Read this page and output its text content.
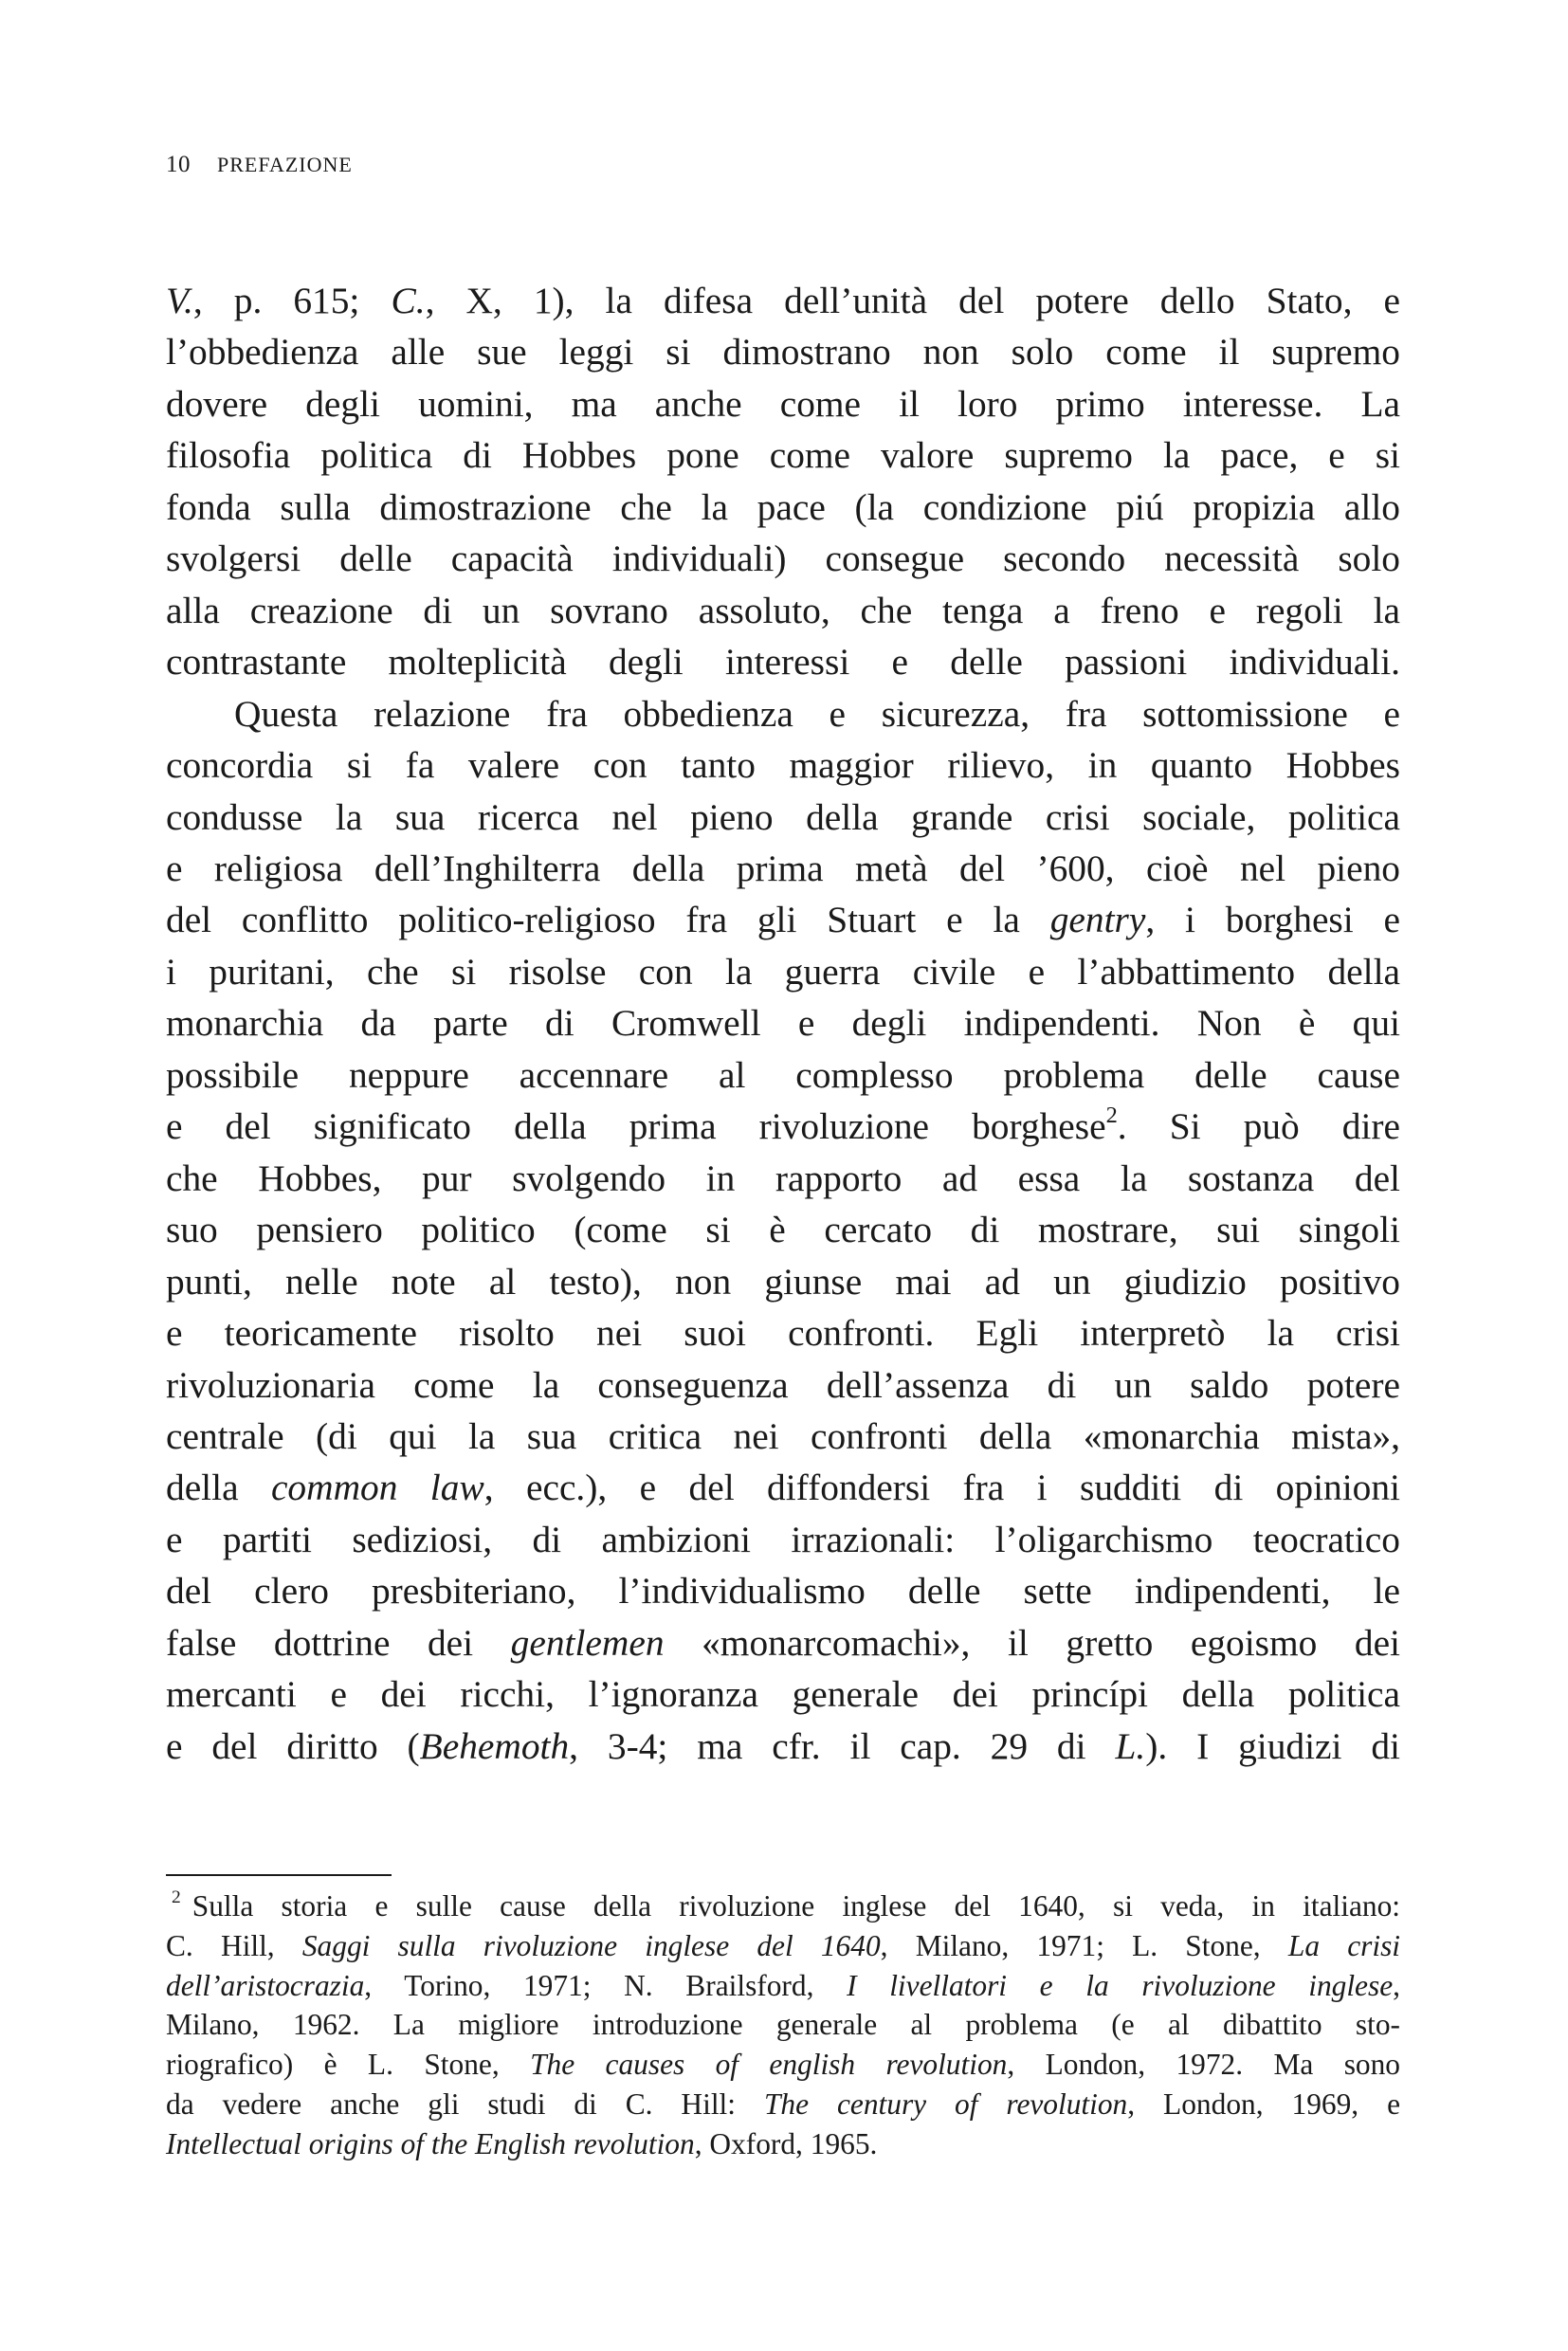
10 PREFAZIONE
V., p. 615; C., X, 1), la difesa dell’unità del potere dello Stato, e
l’obbedienza alle sue leggi si dimostrano non solo come il supremo
dovere degli uomini, ma anche come il loro primo interesse. La
filosofia politica di Hobbes pone come valore supremo la pace, e si
fonda sulla dimostrazione che la pace (la condizione piú propizia allo
svolgersi delle capacità individuali) consegue secondo necessità solo
alla creazione di un sovrano assoluto, che tenga a freno e regoli la
contrastante molteplicità degli interessi e delle passioni individuali.
Questa relazione fra obbedienza e sicurezza, fra sottomissione e
concordia si fa valere con tanto maggior rilievo, in quanto Hobbes
condusse la sua ricerca nel pieno della grande crisi sociale, politica
e religiosa dell’Inghilterra della prima metà del ’600, cioè nel pieno
del conflitto politico-religioso fra gli Stuart e la gentry, i borghesi e
i puritani, che si risolse con la guerra civile e l’abbattimento della
monarchia da parte di Cromwell e degli indipendenti. Non è qui
possibile neppure accennare al complesso problema delle cause
e del significato della prima rivoluzione borghese$^2$. Si può dire
che Hobbes, pur svolgendo in rapporto ad essa la sostanza del
suo pensiero politico (come si è cercato di mostrare, sui singoli
punti, nelle note al testo), non giunse mai ad un giudizio positivo
e teoricamente risolto nei suoi confronti. Egli interpretò la crisi
rivoluzionaria come la conseguenza dell’assenza di un saldo potere
centrale (di qui la sua critica nei confronti della «monarchia mista»,
della common law, ecc.), e del diffondersi fra i sudditi di opinioni
e partiti sediziosi, di ambizioni irrazionali: l’oligarchismo teocratico
del clero presbiteriano, l’individualismo delle sette indipendenti, le
false dottrine dei gentlemen «monarcomachi», il gretto egoismo dei
mercanti e dei ricchi, l’ignoranza generale dei princípi della politica
e del diritto (Behemoth, 3-4; ma cfr. il cap. 29 di L.). I giudizi di
$^2$ Sulla storia e sulle cause della rivoluzione inglese del 1640, si veda, in italiano:
C. Hill, Saggi sulla rivoluzione inglese del 1640, Milano, 1971; L. Stone, La crisi
dell’aristocrazia, Torino, 1971; N. Brailsford, I livellatori e la rivoluzione inglese,
Milano, 1962. La migliore introduzione generale al problema (e al dibattito sto-
riografico) è L. Stone, The causes of english revolution, London, 1972. Ma sono
da vedere anche gli studi di C. Hill: The century of revolution, London, 1969, e
Intellectual origins of the English revolution, Oxford, 1965.
